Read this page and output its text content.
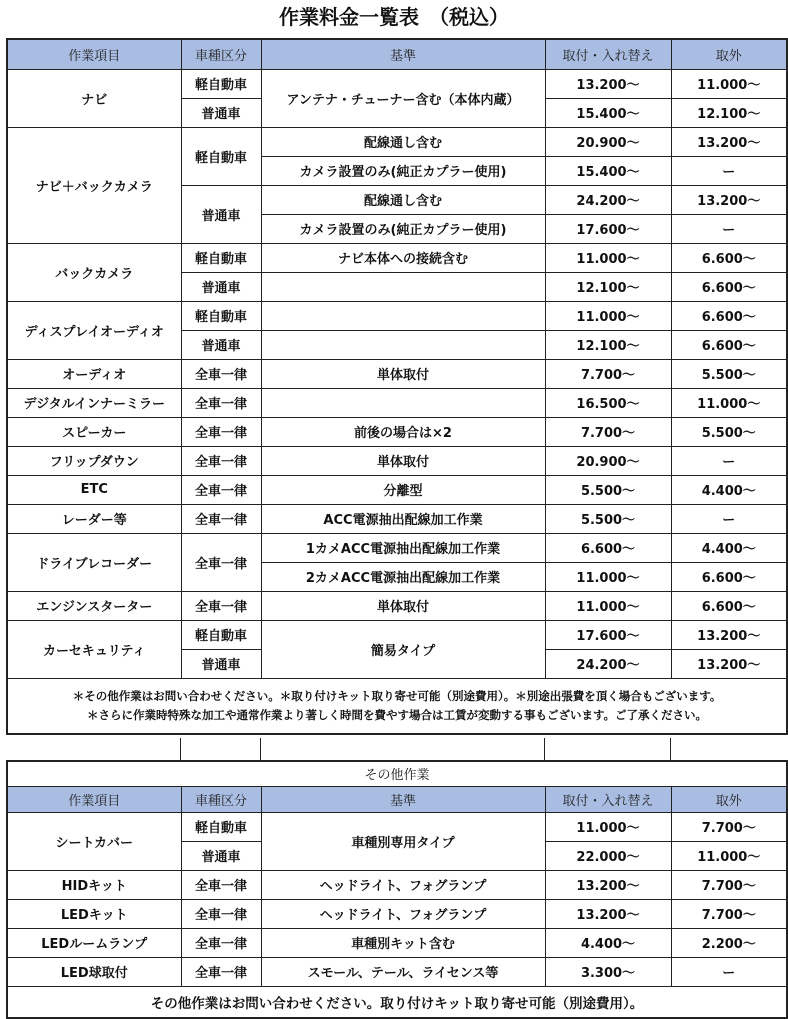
作業料金一覧表　（税込）
作業項目	車種区分	基準	取付・入れ替え	取外
ナビ	軽自動車	アンテナ・チューナー含む（本体内蔵）	13.200〜	11.000〜
	普通車		15.400〜	12.100〜
ナビ＋バックカメラ	軽自動車	配線通し含む	20.900〜	13.200〜
		カメラ設置のみ(純正カプラー使用)	15.400〜	ー
	普通車	配線通し含む	24.200〜	13.200〜
		カメラ設置のみ(純正カプラー使用)	17.600〜	ー
バックカメラ	軽自動車	ナビ本体への接続含む	11.000〜	6.600〜
	普通車		12.100〜	6.600〜
ディスプレイオーディオ	軽自動車		11.000〜	6.600〜
	普通車		12.100〜	6.600〜
オーディオ	全車一律	単体取付	7.700〜	5.500〜
デジタルインナーミラー	全車一律		16.500〜	11.000〜
スピーカー	全車一律	前後の場合は×2	7.700〜	5.500〜
フリップダウン	全車一律	単体取付	20.900〜	ー
ETC	全車一律	分離型	5.500〜	4.400〜
レーダー等	全車一律	ACC電源抽出配線加工作業	5.500〜	ー
ドライブレコーダー	全車一律	1カメACC電源抽出配線加工作業	6.600〜	4.400〜
		2カメACC電源抽出配線加工作業	11.000〜	6.600〜
エンジンスターター	全車一律	単体取付	11.000〜	6.600〜
カーセキュリティ	軽自動車	簡易タイプ	17.600〜	13.200〜
	普通車		24.200〜	13.200〜

＊その他作業はお問い合わせください。＊取り付けキット取り寄せ可能（別途費用）。＊別途出張費を頂く場合もございます。
＊さらに作業時特殊な加工や通常作業より著しく時間を費やす場合は工賃が変動する事もございます。ご了承ください。				
その他作業				
作業項目	車種区分	基準	取付・入れ替え	取外
シートカバー	軽自動車	車種別専用タイプ	11.000〜	7.700〜
	普通車		22.000〜	11.000〜
HIDキット	全車一律	ヘッドライト、フォグランプ	13.200〜	7.700〜
LEDキット	全車一律	ヘッドライト、フォグランプ	13.200〜	7.700〜
LEDルームランプ	全車一律	車種別キット含む	4.400〜	2.200〜
LED球取付	全車一律	スモール、テール、ライセンス等	3.300〜	ー
その他作業はお問い合わせください。取り付けキット取り寄せ可能（別途費用）。				
